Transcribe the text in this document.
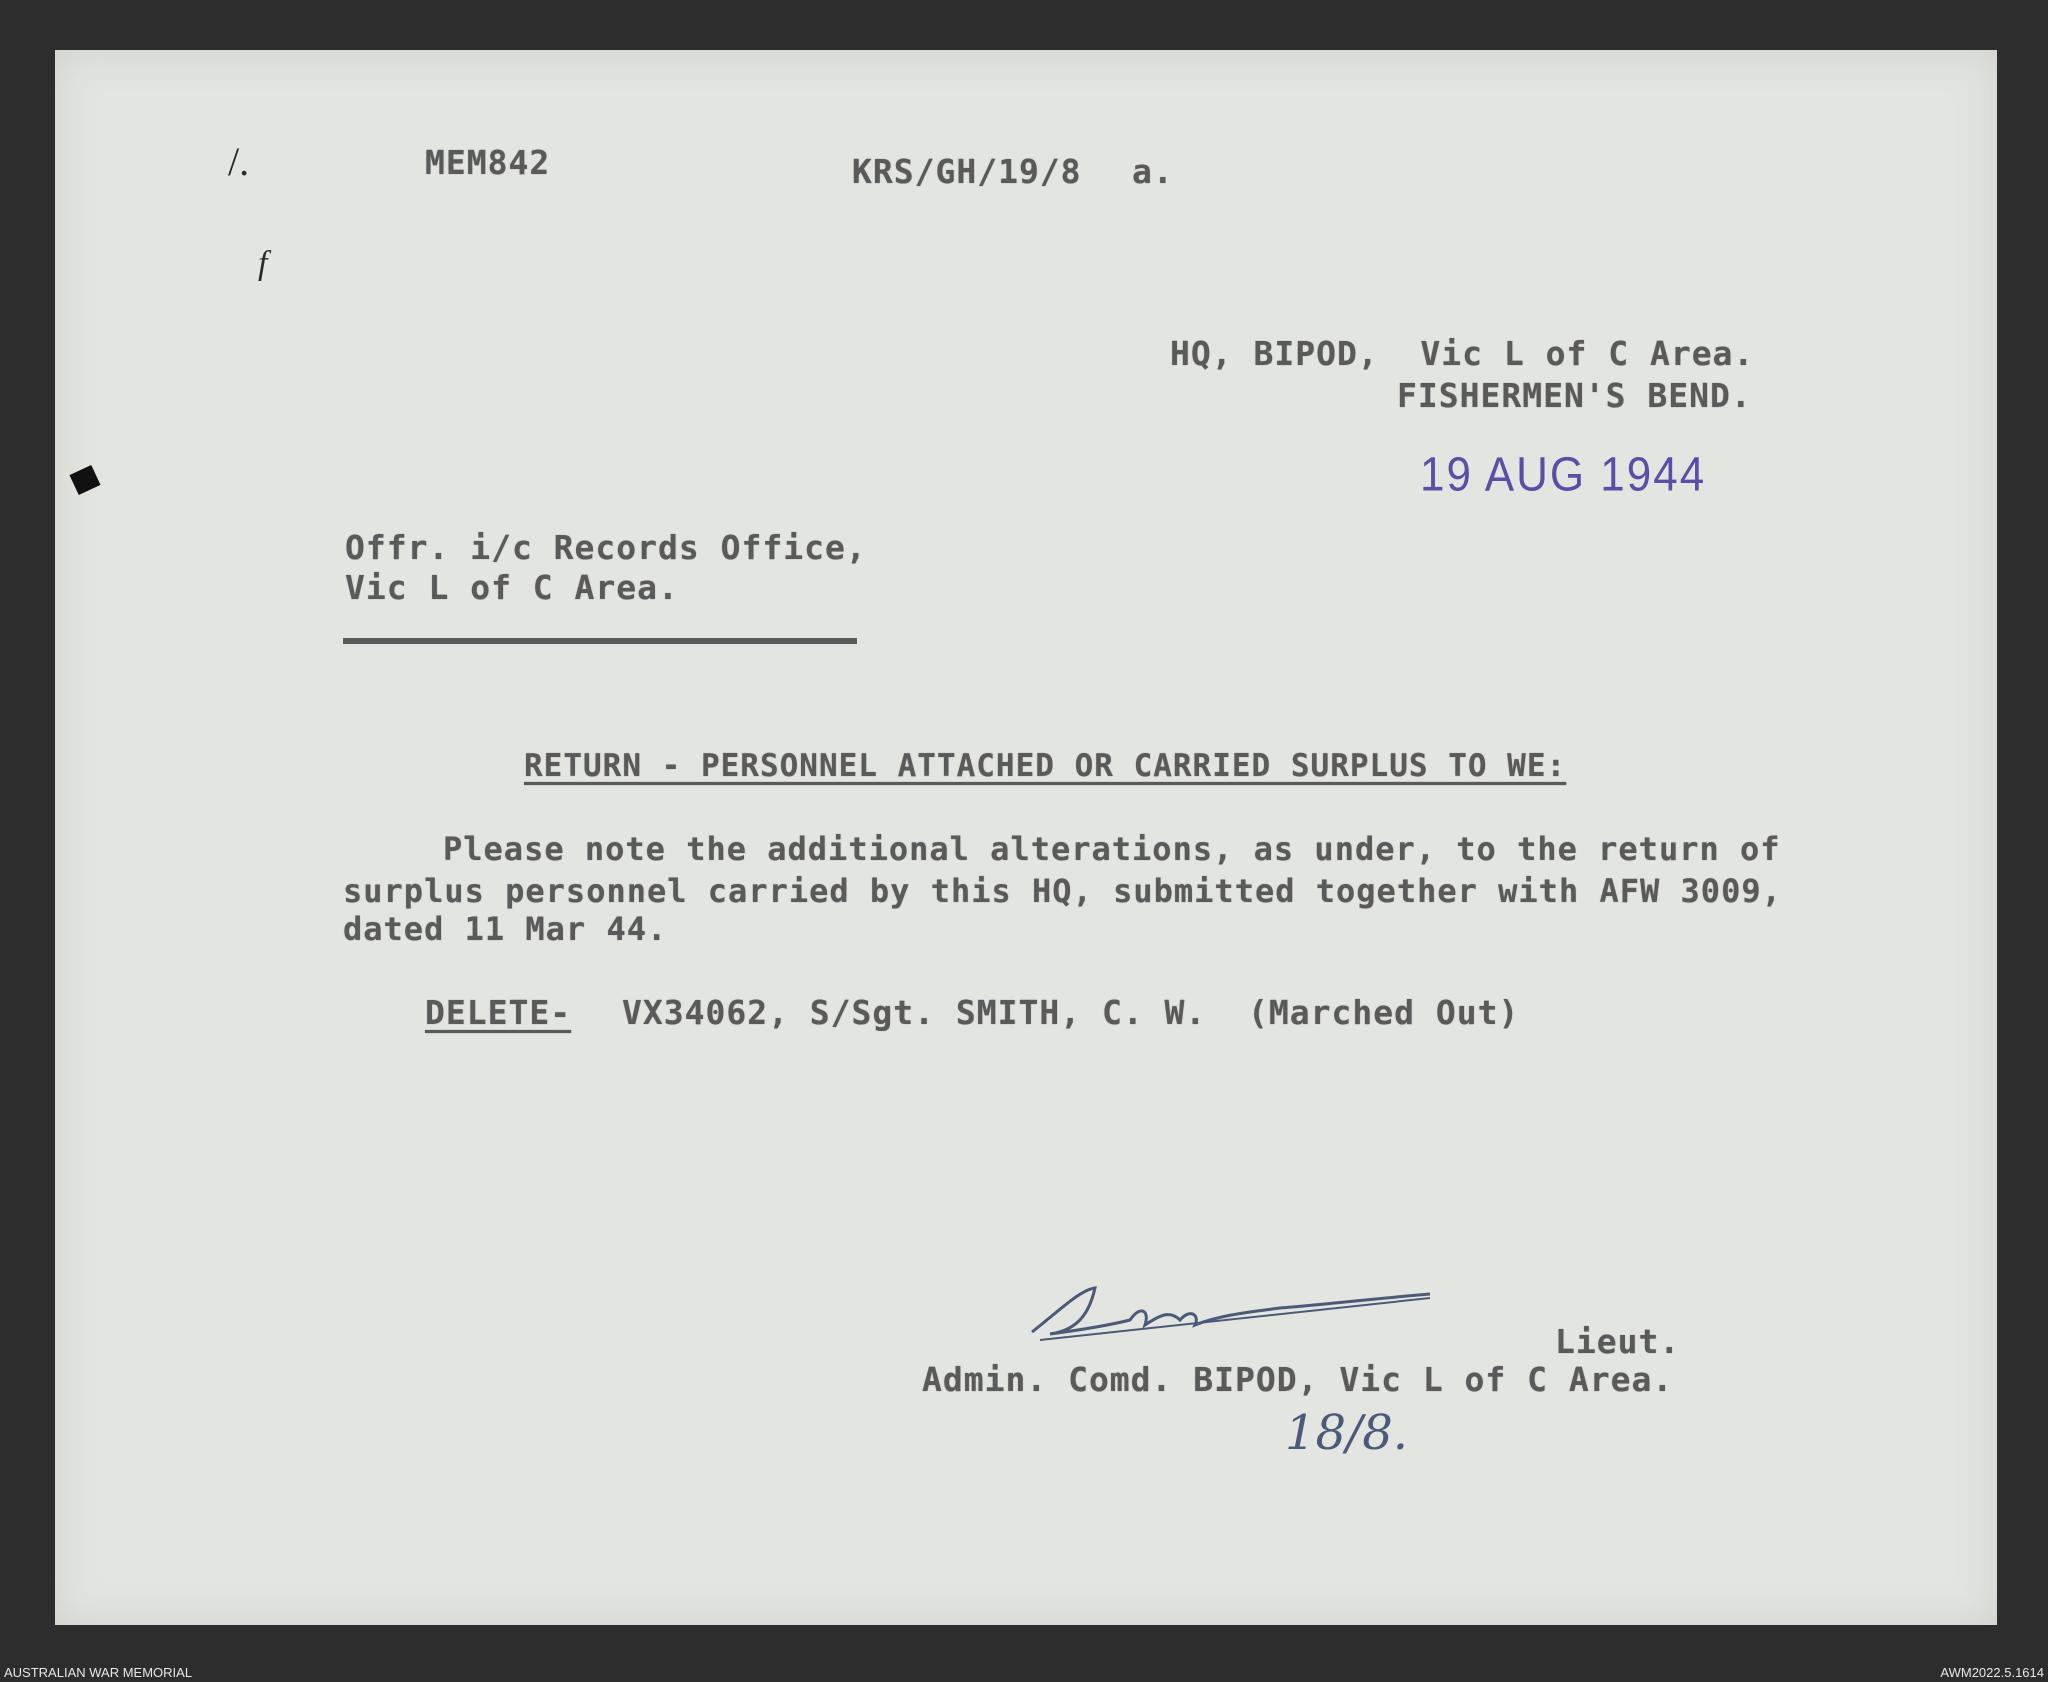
/.
f
MEM842	KRS/GH/19/8 a.
HQ, BIPOD,  Vic L of C Area.
FISHERMEN'S BEND.
19 AUG 1944
Offr. i/c Records Office,
Vic L of C Area.
RETURN - PERSONNEL ATTACHED OR CARRIED SURPLUS TO WE:
Please note the additional alterations, as under, to the return of
surplus personnel carried by this HQ, submitted together with AFW 3009,
dated 11 Mar 44.
DELETE- VX34062, S/Sgt. SMITH, C. W.  (Marched Out)
Lieut.
Admin. Comd. BIPOD, Vic L of C Area.
18/8.
AUSTRALIAN WAR MEMORIAL	AWM2022.5.1614
